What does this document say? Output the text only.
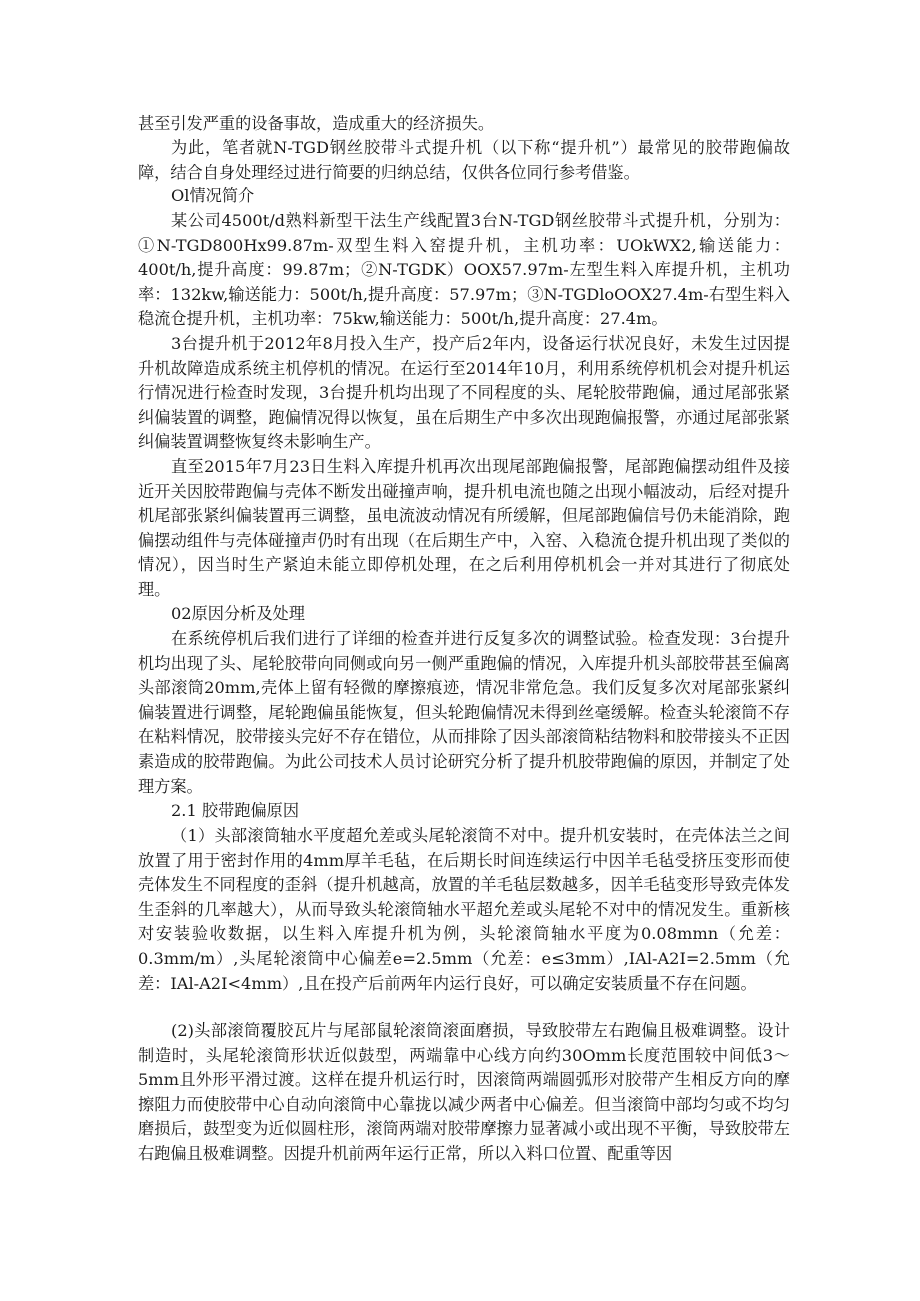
甚至引发严重的设备事故，造成重大的经济损失。

为此，笔者就N-TGD钢丝胶带斗式提升机（以下称“提升机”）最常见的胶带跑偏故障，结合自身处理经过进行简要的归纳总结，仅供各位同行参考借鉴。

Ol情况简介

某公司4500t∕d熟料新型干法生产线配置3台N-TGD钢丝胶带斗式提升机，分别为：①N-TGD800Hx99.87m-双型生料入窑提升机，主机功率：UOkWX2,输送能力：400t∕h,提升高度：99.87m；②N-TGDK）OOX57.97m-左型生料入库提升机，主机功率：132kw,输送能力：500t∕h,提升高度：57.97m；③N-TGDloOOX27.4m-右型生料入稳流仓提升机，主机功率：75kw,输送能力：500t∕h,提升高度：27.4m。

3台提升机于2012年8月投入生产，投产后2年内，设备运行状况良好，未发生过因提升机故障造成系统主机停机的情况。在运行至2014年10月，利用系统停机机会对提升机运行情况进行检查时发现，3台提升机均出现了不同程度的头、尾轮胶带跑偏，通过尾部张紧纠偏装置的调整，跑偏情况得以恢复，虽在后期生产中多次出现跑偏报警，亦通过尾部张紧纠偏装置调整恢复终未影响生产。

直至2015年7月23日生料入库提升机再次出现尾部跑偏报警，尾部跑偏摆动组件及接近开关因胶带跑偏与壳体不断发出碰撞声响，提升机电流也随之出现小幅波动，后经对提升机尾部张紧纠偏装置再三调整，虽电流波动情况有所缓解，但尾部跑偏信号仍未能消除，跑偏摆动组件与壳体碰撞声仍时有出现（在后期生产中，入窑、入稳流仓提升机出现了类似的情况），因当时生产紧迫未能立即停机处理，在之后利用停机机会一并对其进行了彻底处理。

02原因分析及处理

在系统停机后我们进行了详细的检查并进行反复多次的调整试验。检查发现：3台提升机均出现了头、尾轮胶带向同侧或向另一侧严重跑偏的情况，入库提升机头部胶带甚至偏离头部滚筒20mm,壳体上留有轻微的摩擦痕迹，情况非常危急。我们反复多次对尾部张紧纠偏装置进行调整，尾轮跑偏虽能恢复，但头轮跑偏情况未得到丝毫缓解。检查头轮滚筒不存在粘料情况，胶带接头完好不存在错位，从而排除了因头部滚筒粘结物料和胶带接头不正因素造成的胶带跑偏。为此公司技术人员讨论研究分析了提升机胶带跑偏的原因，并制定了处理方案。

2.1 胶带跑偏原因

（1）头部滚筒轴水平度超允差或头尾轮滚筒不对中。提升机安装时，在壳体法兰之间放置了用于密封作用的4mm厚羊毛毡，在后期长时间连续运行中因羊毛毡受挤压变形而使壳体发生不同程度的歪斜（提升机越高，放置的羊毛毡层数越多，因羊毛毡变形导致壳体发生歪斜的几率越大），从而导致头轮滚筒轴水平超允差或头尾轮不对中的情况发生。重新核对安装验收数据，以生料入库提升机为例，头轮滚筒轴水平度为0.08mmn（允差：0.3mm∕m）,头尾轮滚筒中心偏差e=2.5mm（允差：e≤3mm）,IAl-A2I=2.5mm（允差：IAl-A2I<4mm）,且在投产后前两年内运行良好，可以确定安装质量不存在问题。

(2)头部滚筒覆胶瓦片与尾部鼠轮滚筒滚面磨损，导致胶带左右跑偏且极难调整。设计制造时，头尾轮滚筒形状近似鼓型，两端靠中心线方向约30Omm长度范围较中间低3～5mm且外形平滑过渡。这样在提升机运行时，因滚筒两端圆弧形对胶带产生相反方向的摩擦阻力而使胶带中心自动向滚筒中心靠拢以减少两者中心偏差。但当滚筒中部均匀或不均匀磨损后，鼓型变为近似圆柱形，滚筒两端对胶带摩擦力显著减小或出现不平衡，导致胶带左右跑偏且极难调整。因提升机前两年运行正常，所以入料口位置、配重等因
